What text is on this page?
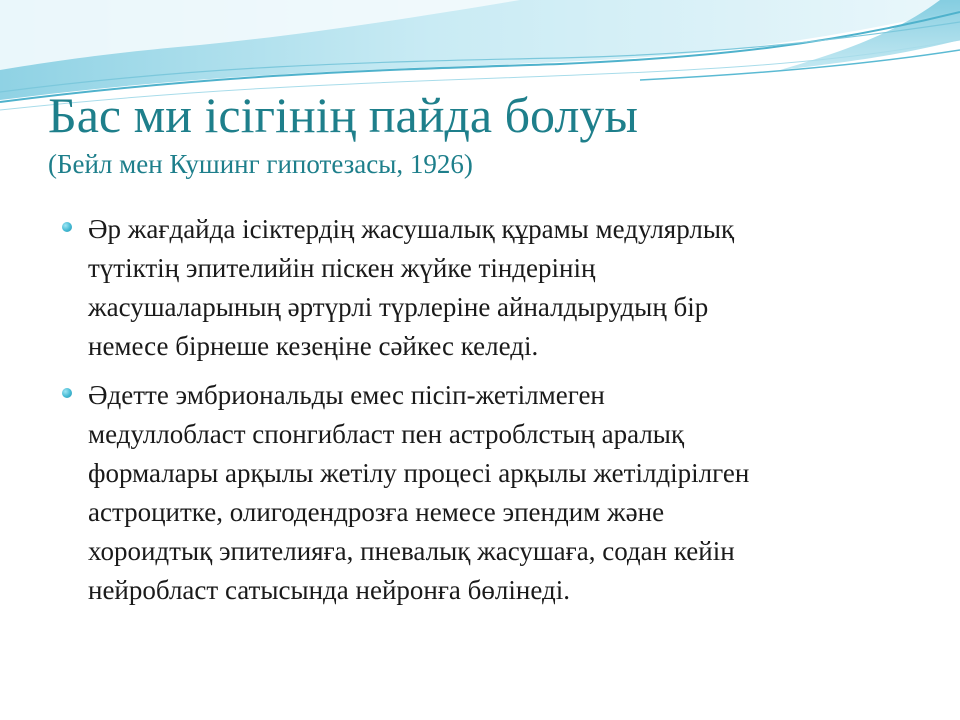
Бас ми ісігінің пайда болуы

(Бейл мен Кушинг гипотезасы, 1926)

Әр жағдайда ісіктердің жасушалық құрамы медулярлық
түтіктің эпителийін піскен жүйке тіндерінің
жасушаларының әртүрлі түрлеріне айналдырудың бір
немесе бірнеше кезеңіне сәйкес келеді.
Әдетте эмбриональды емес пісіп-жетілмеген
медуллобласт спонгибласт пен астроблстың аралық
формалары арқылы жетілу процесі арқылы жетілдірілген
астроцитке, олигодендрозға немесе эпендим және
хороидтық эпителияға, пневалық жасушаға, содан кейін
нейробласт сатысында нейронға бөлінеді.
